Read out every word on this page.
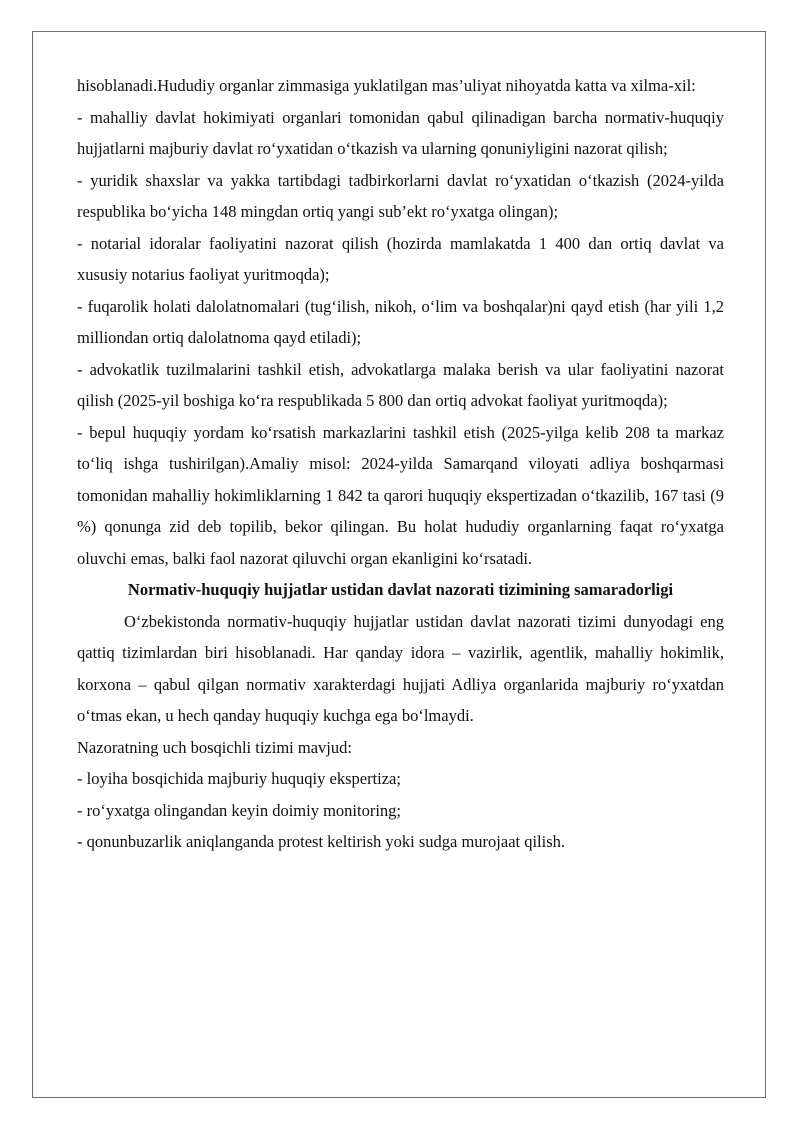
hisoblanadi.Hududiy organlar zimmasiga yuklatilgan mas’uliyat nihoyatda katta va xilma-xil:

- mahalliy davlat hokimiyati organlari tomonidan qabul qilinadigan barcha normativ-huquqiy hujjatlarni majburiy davlat ro‘yxatidan o‘tkazish va ularning qonuniyligini nazorat qilish;

- yuridik shaxslar va yakka tartibdagi tadbirkorlarni davlat ro‘yxatidan o‘tkazish (2024-yilda respublika bo‘yicha 148 mingdan ortiq yangi sub’ekt ro‘yxatga olingan);

- notarial idoralar faoliyatini nazorat qilish (hozirda mamlakatda 1 400 dan ortiq davlat va xususiy notarius faoliyat yuritmoqda);

- fuqarolik holati dalolatnomalari (tug‘ilish, nikoh, o‘lim va boshqalar)ni qayd etish (har yili 1,2 milliondan ortiq dalolatnoma qayd etiladi);

- advokatlik tuzilmalarini tashkil etish, advokatlarga malaka berish va ular faoliyatini nazorat qilish (2025-yil boshiga ko‘ra respublikada 5 800 dan ortiq advokat faoliyat yuritmoqda);

- bepul huquqiy yordam ko‘rsatish markazlarini tashkil etish (2025-yilga kelib 208 ta markaz to‘liq ishga tushirilgan).Amaliy misol: 2024-yilda Samarqand viloyati adliya boshqarmasi tomonidan mahalliy hokimliklarning 1 842 ta qarori huquqiy ekspertizadan o‘tkazilib, 167 tasi (9 %) qonunga zid deb topilib, bekor qilingan. Bu holat hududiy organlarning faqat ro‘yxatga oluvchi emas, balki faol nazorat qiluvchi organ ekanligini ko‘rsatadi.

Normativ-huquqiy hujjatlar ustidan davlat nazorati tizimining samaradorligi

O‘zbekistonda normativ-huquqiy hujjatlar ustidan davlat nazorati tizimi dunyodagi eng qattiq tizimlardan biri hisoblanadi. Har qanday idora – vazirlik, agentlik, mahalliy hokimlik, korxona – qabul qilgan normativ xarakterdagi hujjati Adliya organlarida majburiy ro‘yxatdan o‘tmas ekan, u hech qanday huquqiy kuchga ega bo‘lmaydi.

Nazoratning uch bosqichli tizimi mavjud:

- loyiha bosqichida majburiy huquqiy ekspertiza;

- ro‘yxatga olingandan keyin doimiy monitoring;

- qonunbuzarlik aniqlanganda protest keltirish yoki sudga murojaat qilish.
